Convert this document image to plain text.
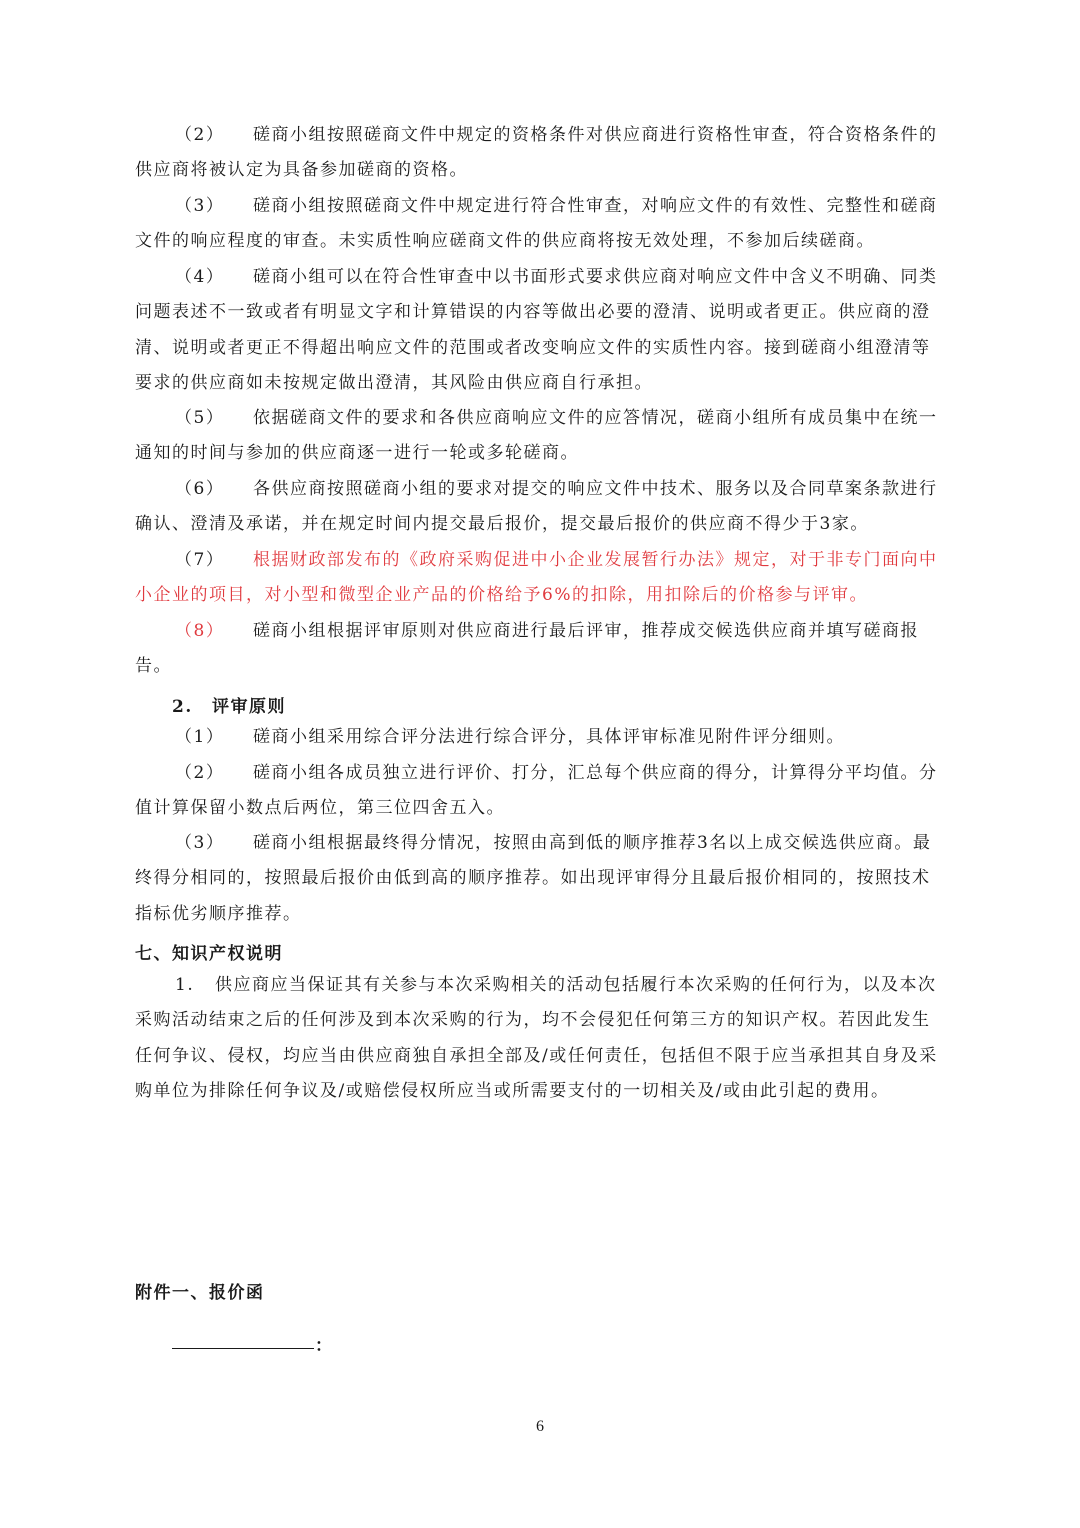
（2） 磋商小组按照磋商文件中规定的资格条件对供应商进行资格性审查，符合资格条件的供应商将被认定为具备参加磋商的资格。

（3） 磋商小组按照磋商文件中规定进行符合性审查，对响应文件的有效性、完整性和磋商文件的响应程度的审查。未实质性响应磋商文件的供应商将按无效处理，不参加后续磋商。

（4） 磋商小组可以在符合性审查中以书面形式要求供应商对响应文件中含义不明确、同类问题表述不一致或者有明显文字和计算错误的内容等做出必要的澄清、说明或者更正。供应商的澄清、说明或者更正不得超出响应文件的范围或者改变响应文件的实质性内容。接到磋商小组澄清等要求的供应商如未按规定做出澄清，其风险由供应商自行承担。

（5） 依据磋商文件的要求和各供应商响应文件的应答情况，磋商小组所有成员集中在统一通知的时间与参加的供应商逐一进行一轮或多轮磋商。

（6） 各供应商按照磋商小组的要求对提交的响应文件中技术、服务以及合同草案条款进行确认、澄清及承诺，并在规定时间内提交最后报价，提交最后报价的供应商不得少于3家。

（7） 根据财政部发布的《政府采购促进中小企业发展暂行办法》规定，对于非专门面向中小企业的项目，对小型和微型企业产品的价格给予6%的扣除，用扣除后的价格参与评审。

（8） 磋商小组根据评审原则对供应商进行最后评审，推荐成交候选供应商并填写磋商报告。

2. 评审原则

（1） 磋商小组采用综合评分法进行综合评分，具体评审标准见附件评分细则。

（2） 磋商小组各成员独立进行评价、打分，汇总每个供应商的得分，计算得分平均值。分值计算保留小数点后两位，第三位四舍五入。

（3） 磋商小组根据最终得分情况，按照由高到低的顺序推荐3名以上成交候选供应商。最终得分相同的，按照最后报价由低到高的顺序推荐。如出现评审得分且最后报价相同的，按照技术指标优劣顺序推荐。

七、知识产权说明

1. 供应商应当保证其有关参与本次采购相关的活动包括履行本次采购的任何行为，以及本次采购活动结束之后的任何涉及到本次采购的行为，均不会侵犯任何第三方的知识产权。若因此发生任何争议、侵权，均应当由供应商独自承担全部及/或任何责任，包括但不限于应当承担其自身及采购单位为排除任何争议及/或赔偿侵权所应当或所需要支付的一切相关及/或由此引起的费用。

附件一、报价函

：
6
